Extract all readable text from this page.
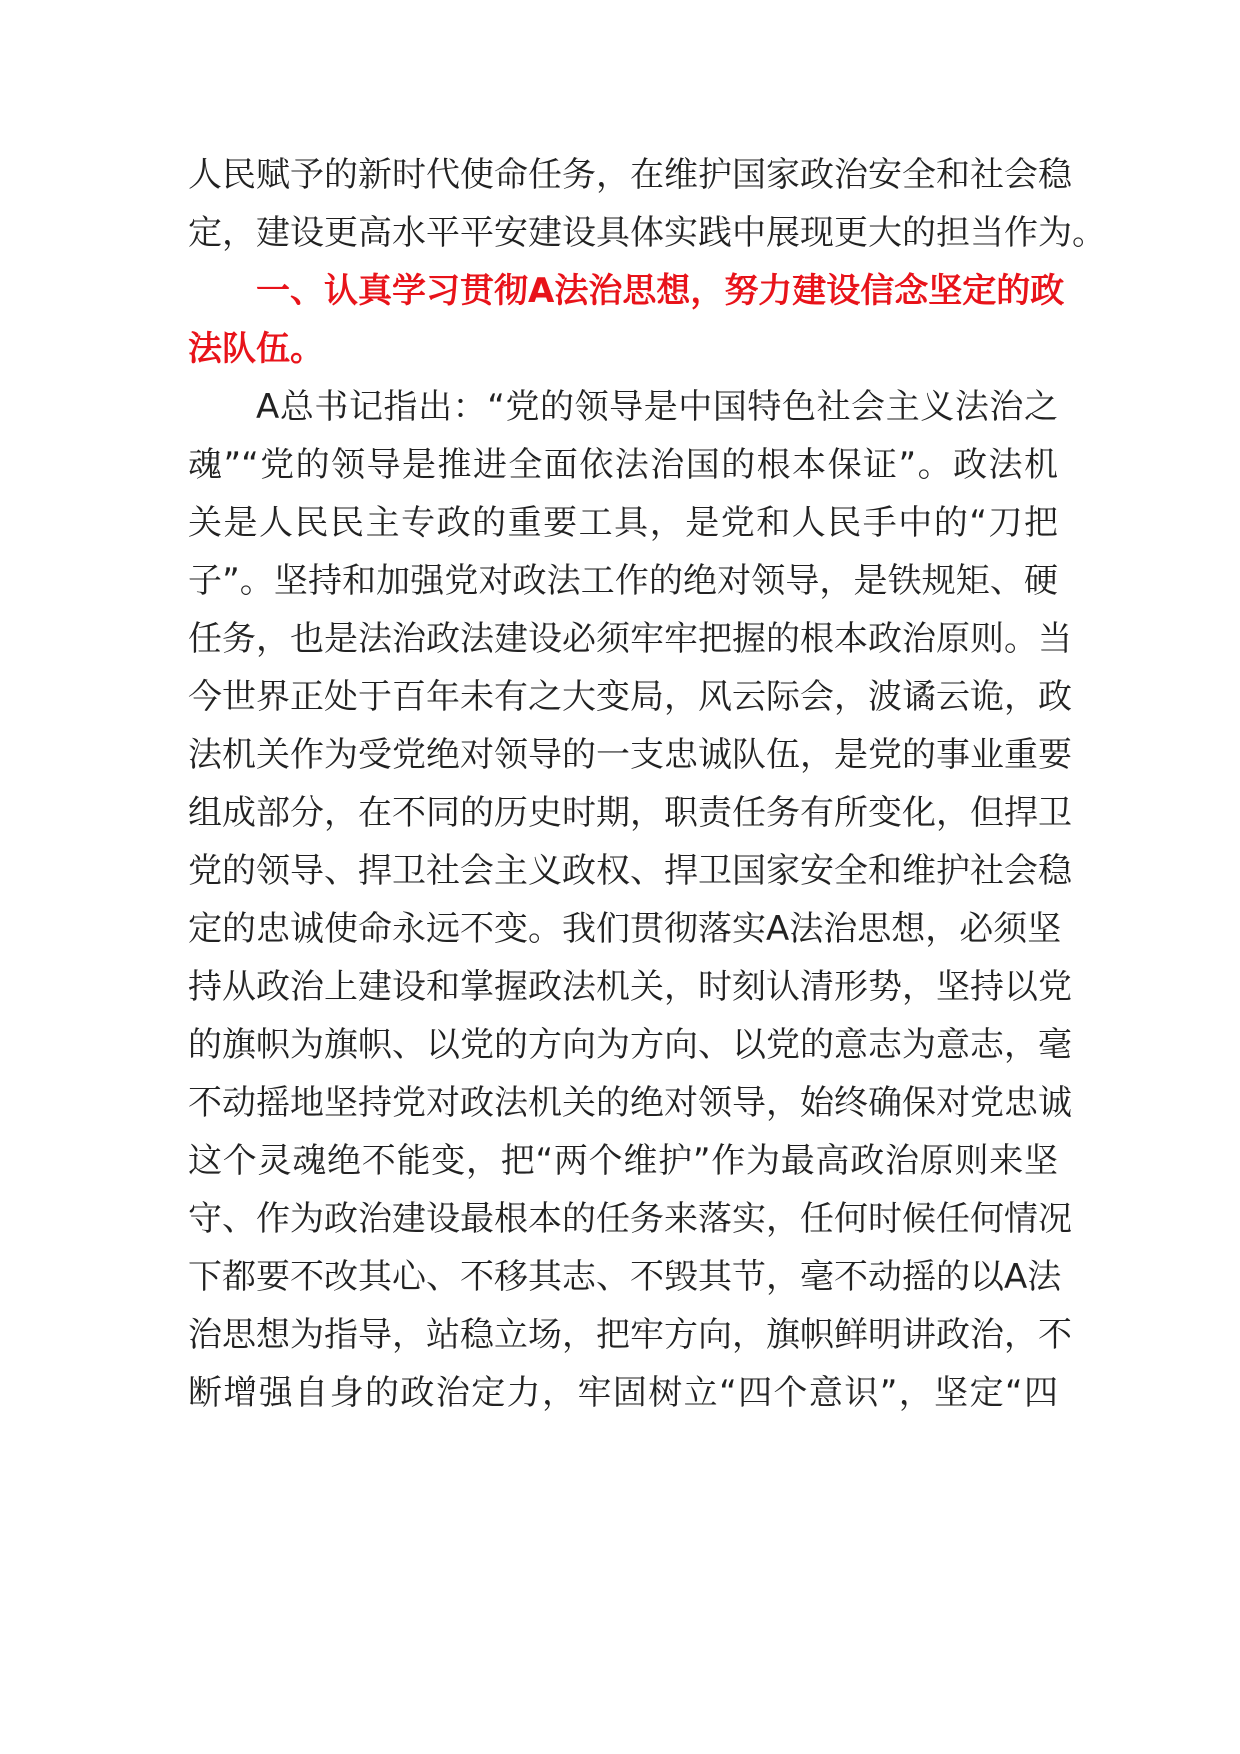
人民赋予的新时代使命任务，在维护国家政治安全和社会稳
定，建设更高水平平安建设具体实践中展现更大的担当作为。
一、认真学习贯彻A法治思想，努力建设信念坚定的政
法队伍。
A总书记指出：“党的领导是中国特色社会主义法治之
魂”“党的领导是推进全面依法治国的根本保证”。政法机
关是人民民主专政的重要工具，是党和人民手中的“刀把
子”。坚持和加强党对政法工作的绝对领导，是铁规矩、硬
任务，也是法治政法建设必须牢牢把握的根本政治原则。当
今世界正处于百年未有之大变局，风云际会，波谲云诡，政
法机关作为受党绝对领导的一支忠诚队伍，是党的事业重要
组成部分，在不同的历史时期，职责任务有所变化，但捍卫
党的领导、捍卫社会主义政权、捍卫国家安全和维护社会稳
定的忠诚使命永远不变。我们贯彻落实A法治思想，必须坚
持从政治上建设和掌握政法机关，时刻认清形势，坚持以党
的旗帜为旗帜、以党的方向为方向、以党的意志为意志，毫
不动摇地坚持党对政法机关的绝对领导，始终确保对党忠诚
这个灵魂绝不能变，把“两个维护”作为最高政治原则来坚
守、作为政治建设最根本的任务来落实，任何时候任何情况
下都要不改其心、不移其志、不毁其节，毫不动摇的以A法
治思想为指导，站稳立场，把牢方向，旗帜鲜明讲政治，不
断增强自身的政治定力，牢固树立“四个意识”，坚定“四
